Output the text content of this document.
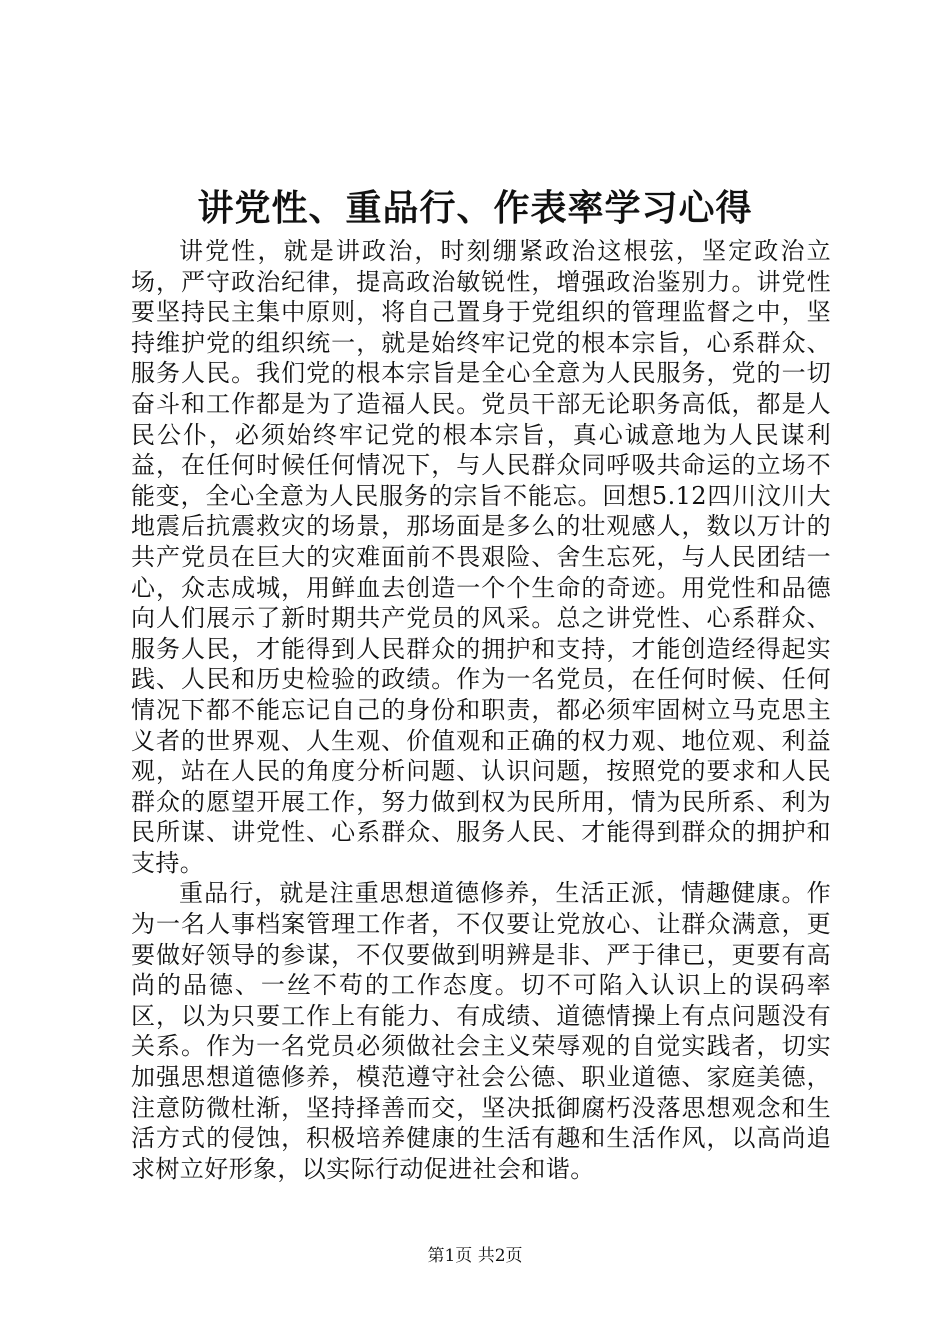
讲党性、重品行、作表率学习心得

讲党性，就是讲政治，时刻绷紧政治这根弦，坚定政治立场，严守政治纪律，提高政治敏锐性，增强政治鉴别力。讲党性要坚持民主集中原则，将自己置身于党组织的管理监督之中，坚持维护党的组织统一，就是始终牢记党的根本宗旨，心系群众、服务人民。我们党的根本宗旨是全心全意为人民服务，党的一切奋斗和工作都是为了造福人民。党员干部无论职务高低，都是人民公仆，必须始终牢记党的根本宗旨，真心诚意地为人民谋利益，在任何时候任何情况下，与人民群众同呼吸共命运的立场不能变，全心全意为人民服务的宗旨不能忘。回想5.12四川汶川大地震后抗震救灾的场景，那场面是多么的壮观感人，数以万计的共产党员在巨大的灾难面前不畏艰险、舍生忘死，与人民团结一心，众志成城，用鲜血去创造一个个生命的奇迹。用党性和品德向人们展示了新时期共产党员的风采。总之讲党性、心系群众、服务人民，才能得到人民群众的拥护和支持，才能创造经得起实践、人民和历史检验的政绩。作为一名党员，在任何时候、任何情况下都不能忘记自己的身份和职责，都必须牢固树立马克思主义者的世界观、人生观、价值观和正确的权力观、地位观、利益观，站在人民的角度分析问题、认识问题，按照党的要求和人民群众的愿望开展工作，努力做到权为民所用，情为民所系、利为民所谋、讲党性、心系群众、服务人民、才能得到群众的拥护和支持。

重品行，就是注重思想道德修养，生活正派，情趣健康。作为一名人事档案管理工作者，不仅要让党放心、让群众满意，更要做好领导的参谋，不仅要做到明辨是非、严于律已，更要有高尚的品德、一丝不苟的工作态度。切不可陷入认识上的误码率区，以为只要工作上有能力、有成绩、道德情操上有点问题没有关系。作为一名党员必须做社会主义荣辱观的自觉实践者，切实加强思想道德修养，模范遵守社会公德、职业道德、家庭美德，注意防微杜渐，坚持择善而交，坚决抵御腐朽没落思想观念和生活方式的侵蚀，积极培养健康的生活有趣和生活作风，以高尚追求树立好形象，以实际行动促进社会和谐。

第1页 共2页
